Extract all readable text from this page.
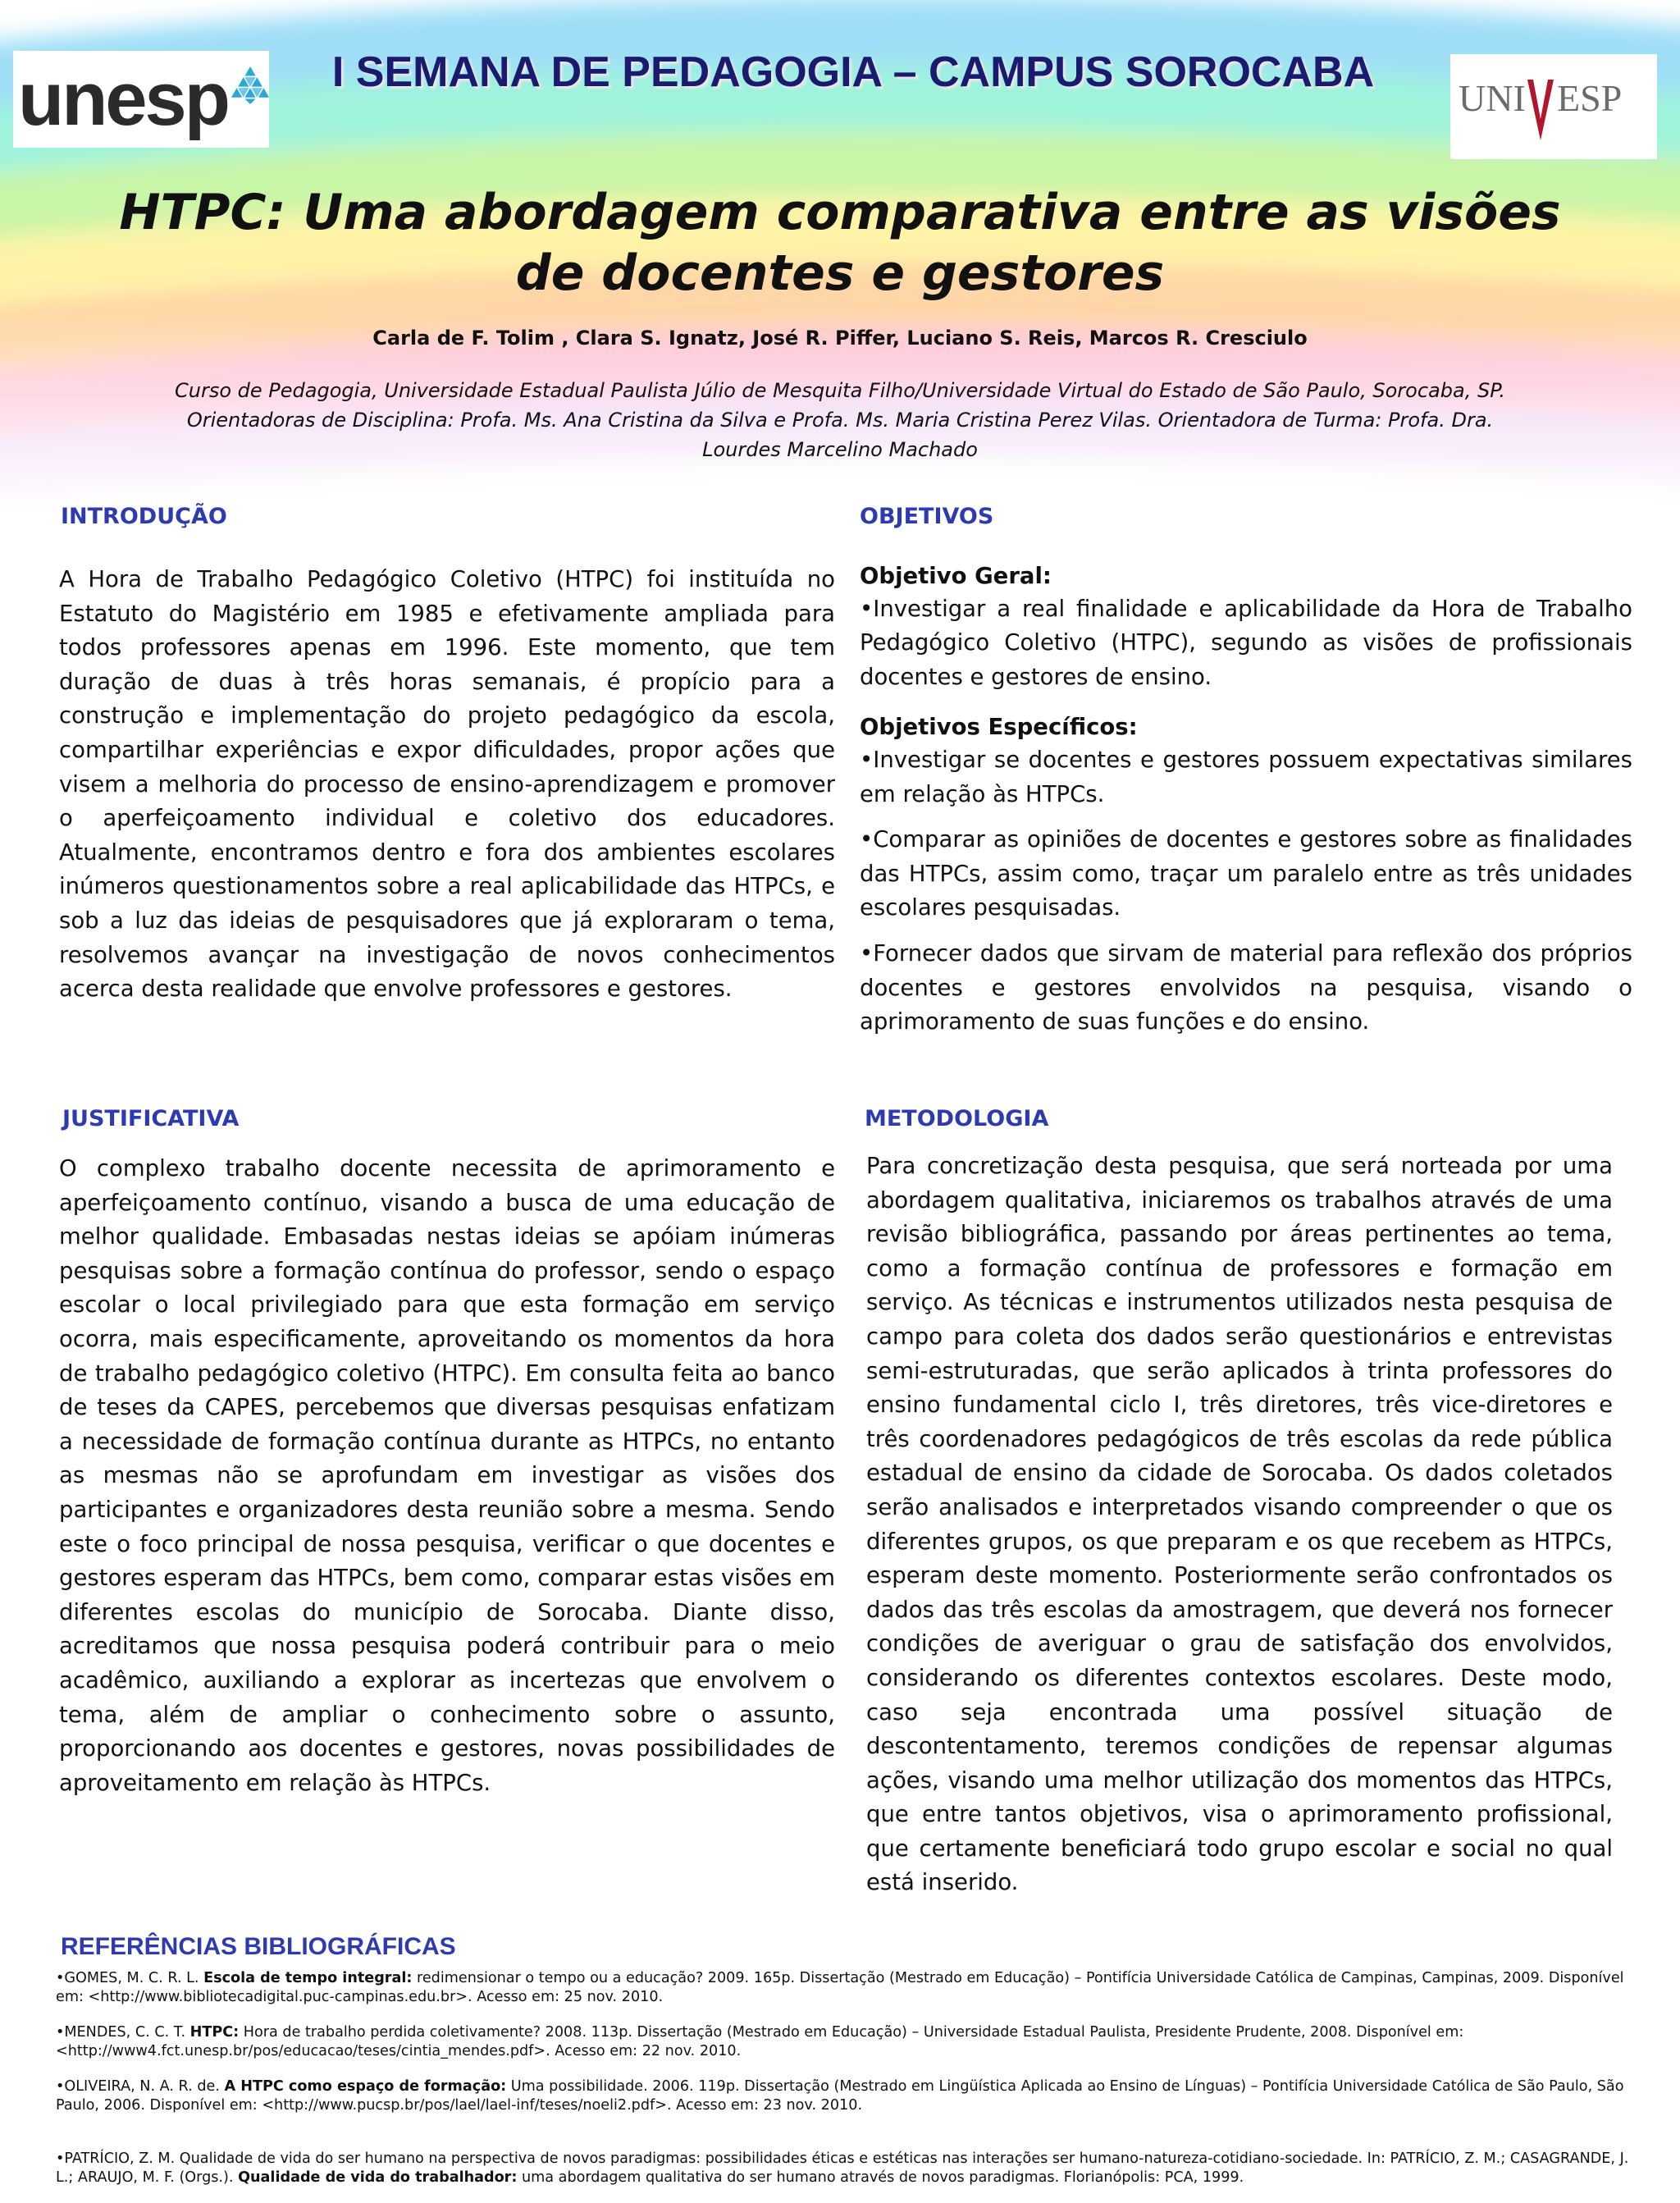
unesp	I SEMANA DE PEDAGOGIA – CAMPUS SOROCABA
UNI ESP
HTPC: Uma abordagem comparativa entre as visões de docentes e gestores
Carla de F. Tolim , Clara S. Ignatz, José R. Piffer, Luciano S. Reis, Marcos R. Cresciulo
Curso de Pedagogia, Universidade Estadual Paulista Júlio de Mesquita Filho/Universidade Virtual do Estado de São Paulo, Sorocaba, SP. Orientadoras de Disciplina: Profa. Ms. Ana Cristina da Silva e Profa. Ms. Maria Cristina Perez Vilas. Orientadora de Turma: Profa. Dra. Lourdes Marcelino Machado
INTRODUÇÃO

A Hora de Trabalho Pedagógico Coletivo (HTPC) foi instituída no Estatuto do Magistério em 1985 e efetivamente ampliada para todos professores apenas em 1996. Este momento, que tem duração de duas à três horas semanais, é propício para a construção e implementação do projeto pedagógico da escola, compartilhar experiências e expor dificuldades, propor ações que visem a melhoria do processo de ensino-aprendizagem e promover o aperfeiçoamento individual e coletivo dos educadores. Atualmente, encontramos dentro e fora dos ambientes escolares inúmeros questionamentos sobre a real aplicabilidade das HTPCs, e sob a luz das ideias de pesquisadores que já exploraram o tema, resolvemos avançar na investigação de novos conhecimentos acerca desta realidade que envolve professores e gestores.

OBJETIVOS

Objetivo Geral:

•Investigar a real finalidade e aplicabilidade da Hora de Trabalho Pedagógico Coletivo (HTPC), segundo as visões de profissionais docentes e gestores de ensino.

Objetivos Específicos:

•Investigar se docentes e gestores possuem expectativas similares em relação às HTPCs.

•Comparar as opiniões de docentes e gestores sobre as finalidades das HTPCs, assim como, traçar um paralelo entre as três unidades escolares pesquisadas.

•Fornecer dados que sirvam de material para reflexão dos próprios docentes e gestores envolvidos na pesquisa, visando o aprimoramento de suas funções e do ensino.

JUSTIFICATIVA

O complexo trabalho docente necessita de aprimoramento e aperfeiçoamento contínuo, visando a busca de uma educação de melhor qualidade. Embasadas nestas ideias se apóiam inúmeras pesquisas sobre a formação contínua do professor, sendo o espaço escolar o local privilegiado para que esta formação em serviço ocorra, mais especificamente, aproveitando os momentos da hora de trabalho pedagógico coletivo (HTPC). Em consulta feita ao banco de teses da CAPES, percebemos que diversas pesquisas enfatizam a necessidade de formação contínua durante as HTPCs, no entanto as mesmas não se aprofundam em investigar as visões dos participantes e organizadores desta reunião sobre a mesma. Sendo este o foco principal de nossa pesquisa, verificar o que docentes e gestores esperam das HTPCs, bem como, comparar estas visões em diferentes escolas do município de Sorocaba. Diante disso, acreditamos que nossa pesquisa poderá contribuir para o meio acadêmico, auxiliando a explorar as incertezas que envolvem o tema, além de ampliar o conhecimento sobre o assunto, proporcionando aos docentes e gestores, novas possibilidades de aproveitamento em relação às HTPCs.

METODOLOGIA

Para concretização desta pesquisa, que será norteada por uma abordagem qualitativa, iniciaremos os trabalhos através de uma revisão bibliográfica, passando por áreas pertinentes ao tema, como a formação contínua de professores e formação em serviço. As técnicas e instrumentos utilizados nesta pesquisa de campo para coleta dos dados serão questionários e entrevistas semi-estruturadas, que serão aplicados à trinta professores do ensino fundamental ciclo I, três diretores, três vice-diretores e três coordenadores pedagógicos de três escolas da rede pública estadual de ensino da cidade de Sorocaba. Os dados coletados serão analisados e interpretados visando compreender o que os diferentes grupos, os que preparam e os que recebem as HTPCs, esperam deste momento. Posteriormente serão confrontados os dados das três escolas da amostragem, que deverá nos fornecer condições de averiguar o grau de satisfação dos envolvidos, considerando os diferentes contextos escolares. Deste modo, caso seja encontrada uma possível situação de descontentamento, teremos condições de repensar algumas ações, visando uma melhor utilização dos momentos das HTPCs, que entre tantos objetivos, visa o aprimoramento profissional, que certamente beneficiará todo grupo escolar e social no qual está inserido.

REFERÊNCIAS BIBLIOGRÁFICAS

•GOMES, M. C. R. L. Escola de tempo integral: redimensionar o tempo ou a educação? 2009. 165p. Dissertação (Mestrado em Educação) – Pontifícia Universidade Católica de Campinas, Campinas, 2009. Disponível em: <http://www.bibliotecadigital.puc-campinas.edu.br>. Acesso em: 25 nov. 2010.

•MENDES, C. C. T. HTPC: Hora de trabalho perdida coletivamente? 2008. 113p. Dissertação (Mestrado em Educação) – Universidade Estadual Paulista, Presidente Prudente, 2008. Disponível em: <http://www4.fct.unesp.br/pos/educacao/teses/cintia_mendes.pdf>. Acesso em: 22 nov. 2010.

•OLIVEIRA, N. A. R. de. A HTPC como espaço de formação: Uma possibilidade. 2006. 119p. Dissertação (Mestrado em Lingüística Aplicada ao Ensino de Línguas) – Pontifícia Universidade Católica de São Paulo, São Paulo, 2006. Disponível em: <http://www.pucsp.br/pos/lael/lael-inf/teses/noeli2.pdf>. Acesso em: 23 nov. 2010.

•PATRÍCIO, Z. M. Qualidade de vida do ser humano na perspectiva de novos paradigmas: possibilidades éticas e estéticas nas interações ser humano-natureza-cotidiano-sociedade. In: PATRÍCIO, Z. M.; CASAGRANDE, J. L.; ARAUJO, M. F. (Orgs.). Qualidade de vida do trabalhador: uma abordagem qualitativa do ser humano através de novos paradigmas. Florianópolis: PCA, 1999.
